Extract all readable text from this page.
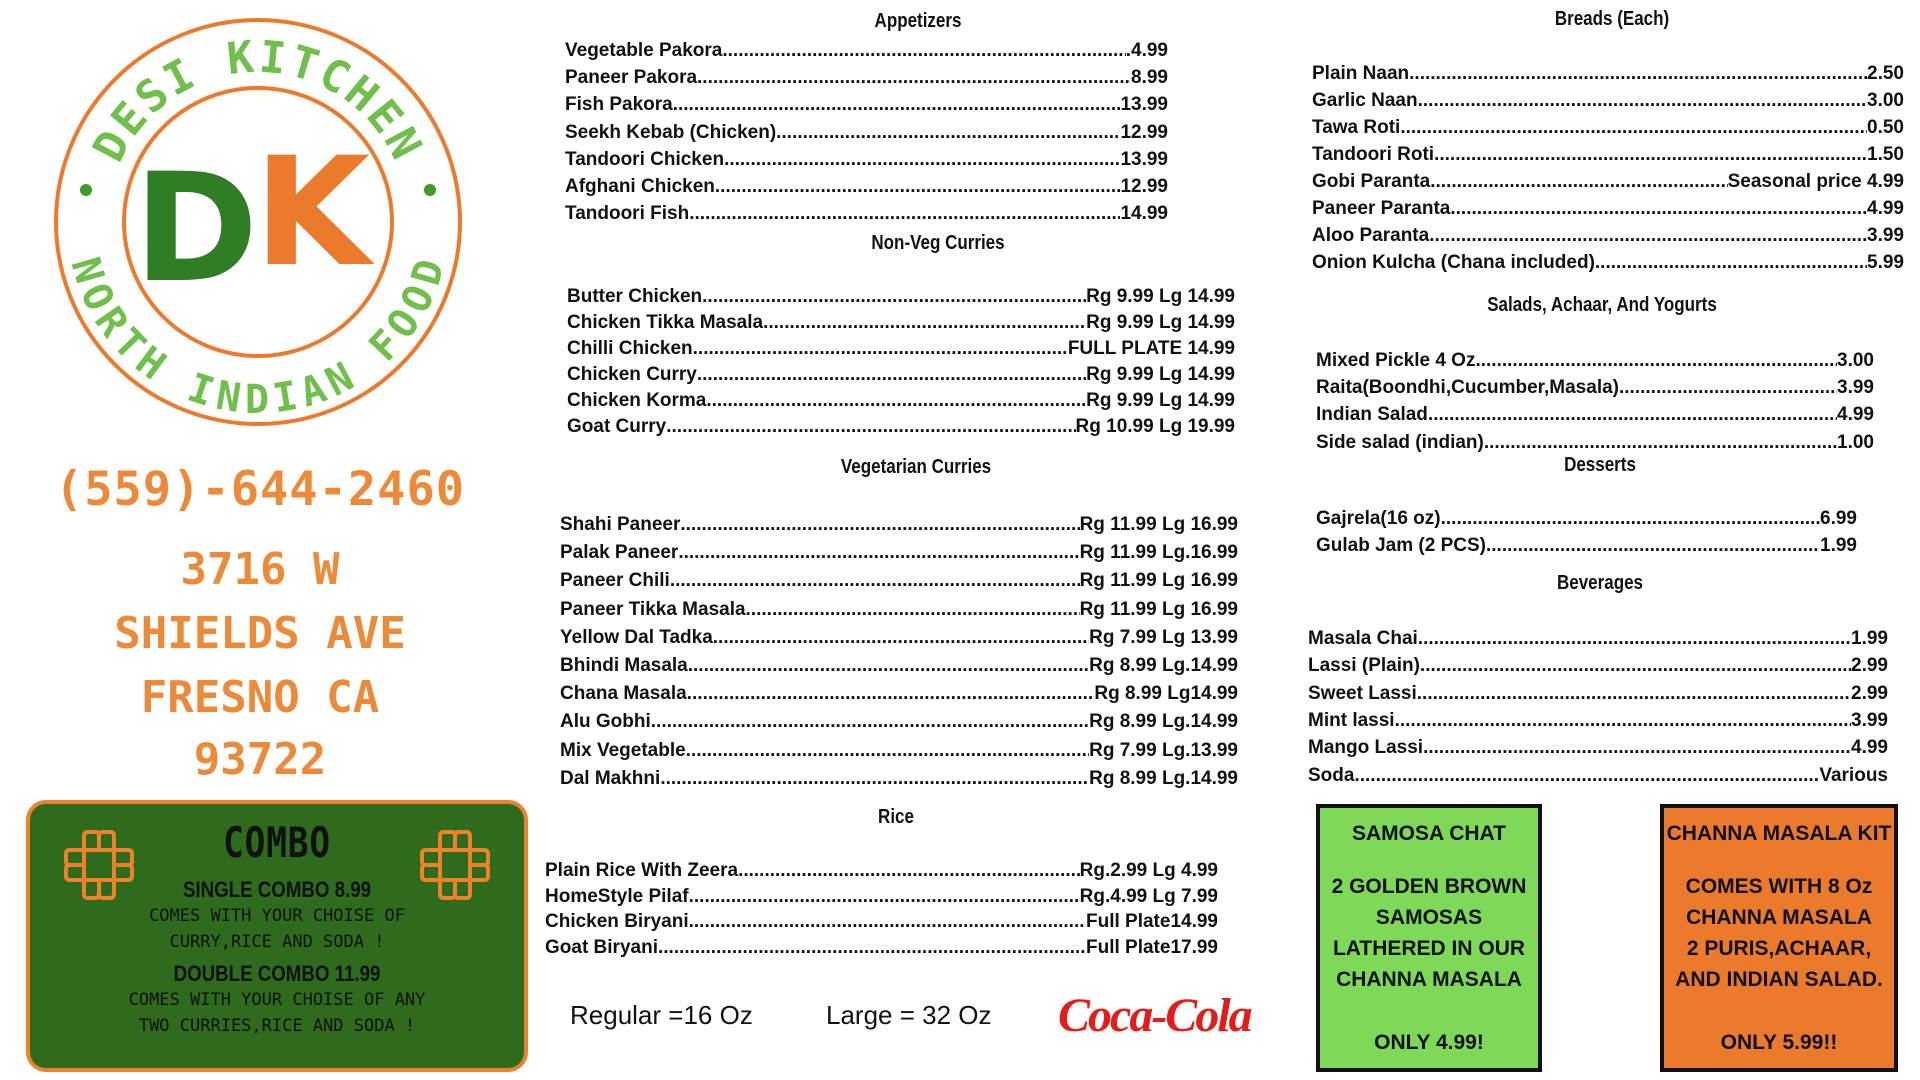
DESI KITCHEN
NORTH INDIAN FOOD
D
K
(559)-644-2460
3716 W
SHIELDS AVE
FRESNO CA
93722
COMBO
SINGLE COMBO 8.99
COMES WITH YOUR CHOISE OF
CURRY,RICE AND SODA !
DOUBLE COMBO 11.99
COMES WITH YOUR CHOISE OF ANY
TWO CURRIES,RICE AND SODA !
Appetizers
Non-Veg Curries
Vegetarian Curries
Rice
Breads (Each)
Salads, Achaar, And Yogurts
Desserts
Beverages
Vegetable Pakora .....	.4.99
Paneer Pakora .....	8.99
Fish Pakora .....	13.99
Seekh Kebab (Chicken) .....	12.99
Tandoori Chicken .....	13.99
Afghani Chicken .....	12.99
Tandoori Fish .....	14.99
Butter Chicken .....	Rg 9.99 Lg 14.99
Chicken Tikka Masala .....	Rg 9.99 Lg 14.99
Chilli Chicken .....	FULL PLATE 14.99
Chicken Curry .....	Rg 9.99 Lg 14.99
Chicken Korma .....	Rg 9.99 Lg 14.99
Goat Curry .....	Rg 10.99 Lg 19.99
Shahi Paneer .....	Rg 11.99 Lg 16.99
Palak Paneer .....	Rg 11.99 Lg.16.99
Paneer Chili .....	Rg 11.99 Lg 16.99
Paneer Tikka Masala .....	Rg 11.99 Lg 16.99
Yellow Dal Tadka .....	Rg 7.99 Lg 13.99
Bhindi Masala .....	Rg 8.99 Lg.14.99
Chana Masala .....	Rg 8.99 Lg14.99
Alu Gobhi .....	Rg 8.99 Lg.14.99
Mix Vegetable .....	Rg 7.99 Lg.13.99
Dal Makhni .....	Rg 8.99 Lg.14.99
Plain Rice With Zeera .....	Rg.2.99 Lg 4.99
HomeStyle Pilaf .....	Rg.4.99 Lg 7.99
Chicken Biryani .....	Full Plate14.99
Goat Biryani .....	Full Plate17.99
Plain Naan .....	2.50
Garlic Naan .....	3.00
Tawa Roti .....	0.50
Tandoori Roti .....	1.50
Gobi Paranta .....	Seasonal price 4.99
Paneer Paranta .....	4.99
Aloo Paranta .....	3.99
Onion Kulcha (Chana included) .....	5.99
Mixed Pickle 4 Oz .....	3.00
Raita(Boondhi,Cucumber,Masala) .....	3.99
Indian Salad .....	4.99
Side salad (indian) .....	1.00
Gajrela(16 oz) .....	6.99
Gulab Jam (2 PCS) .....	1.99
Masala Chai .....	1.99
Lassi (Plain) .....	2.99
Sweet Lassi .....	2.99
Mint lassi .....	3.99
Mango Lassi .....	4.99
Soda .....	Various
Regular =16 Oz	Large = 32 Oz Coca-Cola
SAMOSA CHAT
2 GOLDEN BROWN
SAMOSAS
LATHERED IN OUR
CHANNA MASALA
ONLY 4.99!
CHANNA MASALA KIT
COMES WITH 8 Oz
CHANNA MASALA
2 PURIS,ACHAAR,
AND INDIAN SALAD.
ONLY 5.99!!
